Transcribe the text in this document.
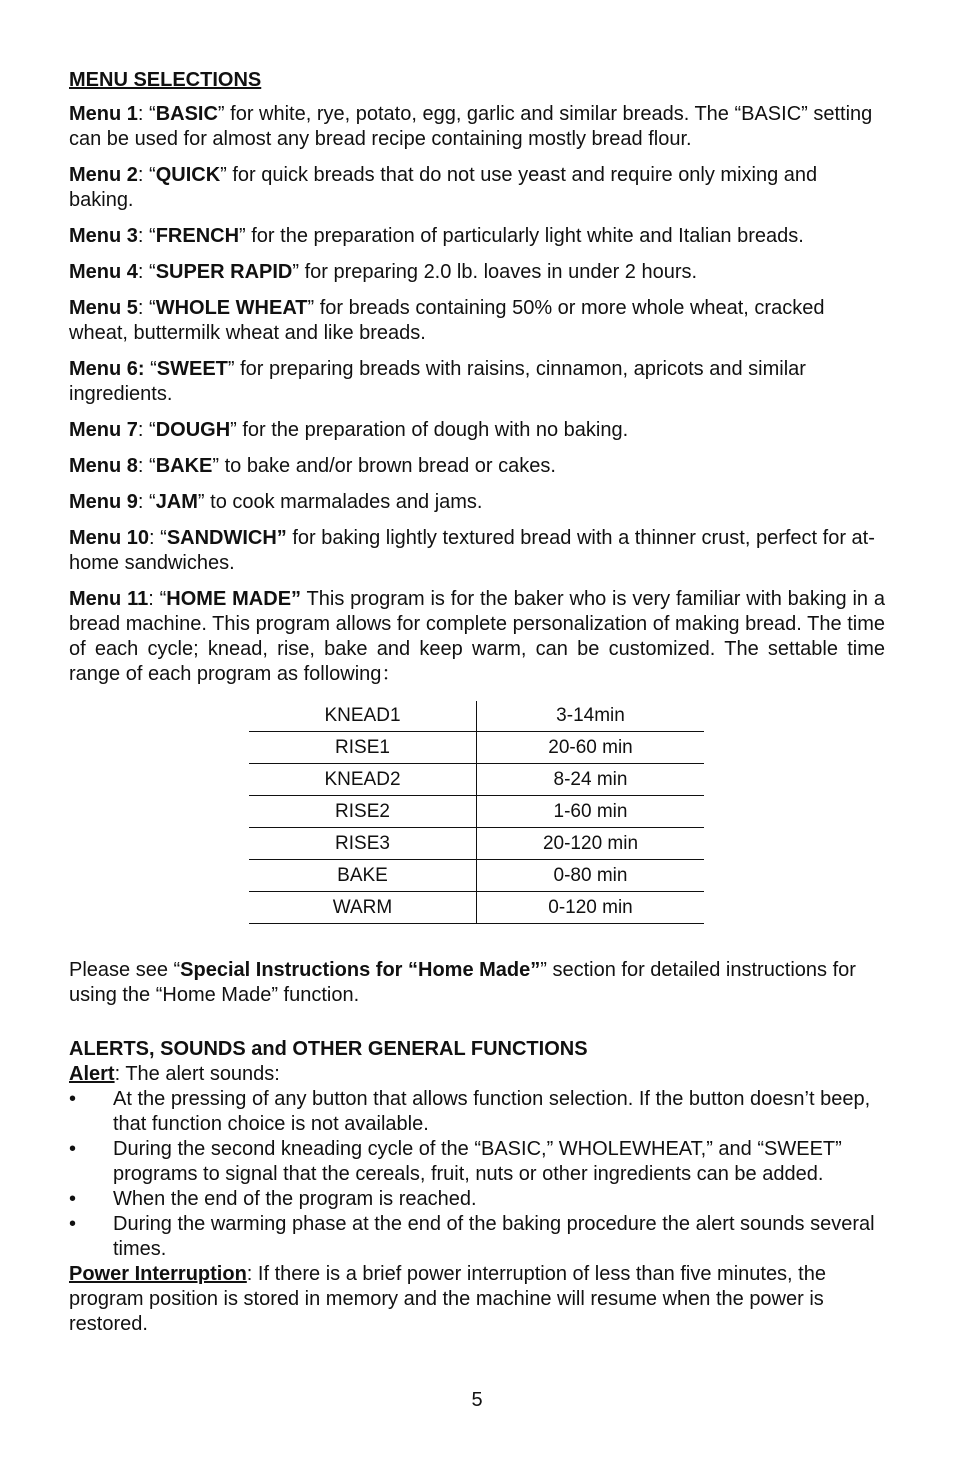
MENU SELECTIONS
Menu 1: “BASIC” for white, rye, potato, egg, garlic and similar breads. The “BASIC” setting can be used for almost any bread recipe containing mostly bread flour.
Menu 2: “QUICK” for quick breads that do not use yeast and require only mixing and baking.
Menu 3: “FRENCH” for the preparation of particularly light white and Italian breads.
Menu 4: “SUPER RAPID” for preparing 2.0 lb. loaves in under 2 hours.
Menu 5: “WHOLE WHEAT” for breads containing 50% or more whole wheat, cracked wheat, buttermilk wheat and like breads.
Menu 6: “SWEET” for preparing breads with raisins, cinnamon, apricots and similar ingredients.
Menu 7: “DOUGH” for the preparation of dough with no baking.
Menu 8: “BAKE” to bake and/or brown bread or cakes.
Menu 9: “JAM” to cook marmalades and jams.
Menu 10: “SANDWICH” for baking lightly textured bread with a thinner crust, perfect for at-home sandwiches.
Menu 11: “HOME MADE” This program is for the baker who is very familiar with baking in a bread machine. This program allows for complete personalization of making bread. The time of each cycle; knead, rise, bake and keep warm, can be customized. The settable time range of each program as following：
KNEAD1	3-14min
RISE1	20-60 min
KNEAD2	8-24 min
RISE2	1-60 min
RISE3	20-120 min
BAKE	0-80 min
WARM	0-120 min
Please see “Special Instructions for “Home Made”” section for detailed instructions for using the “Home Made” function.
ALERTS, SOUNDS and OTHER GENERAL FUNCTIONS
Alert: The alert sounds:
• At the pressing of any button that allows function selection. If the button doesn’t beep, that function choice is not available.
• During the second kneading cycle of the “BASIC,” WHOLEWHEAT,” and “SWEET” programs to signal that the cereals, fruit, nuts or other ingredients can be added.
• When the end of the program is reached.
• During the warming phase at the end of the baking procedure the alert sounds several times.
Power Interruption: If there is a brief power interruption of less than five minutes, the program position is stored in memory and the machine will resume when the power is restored.
5
